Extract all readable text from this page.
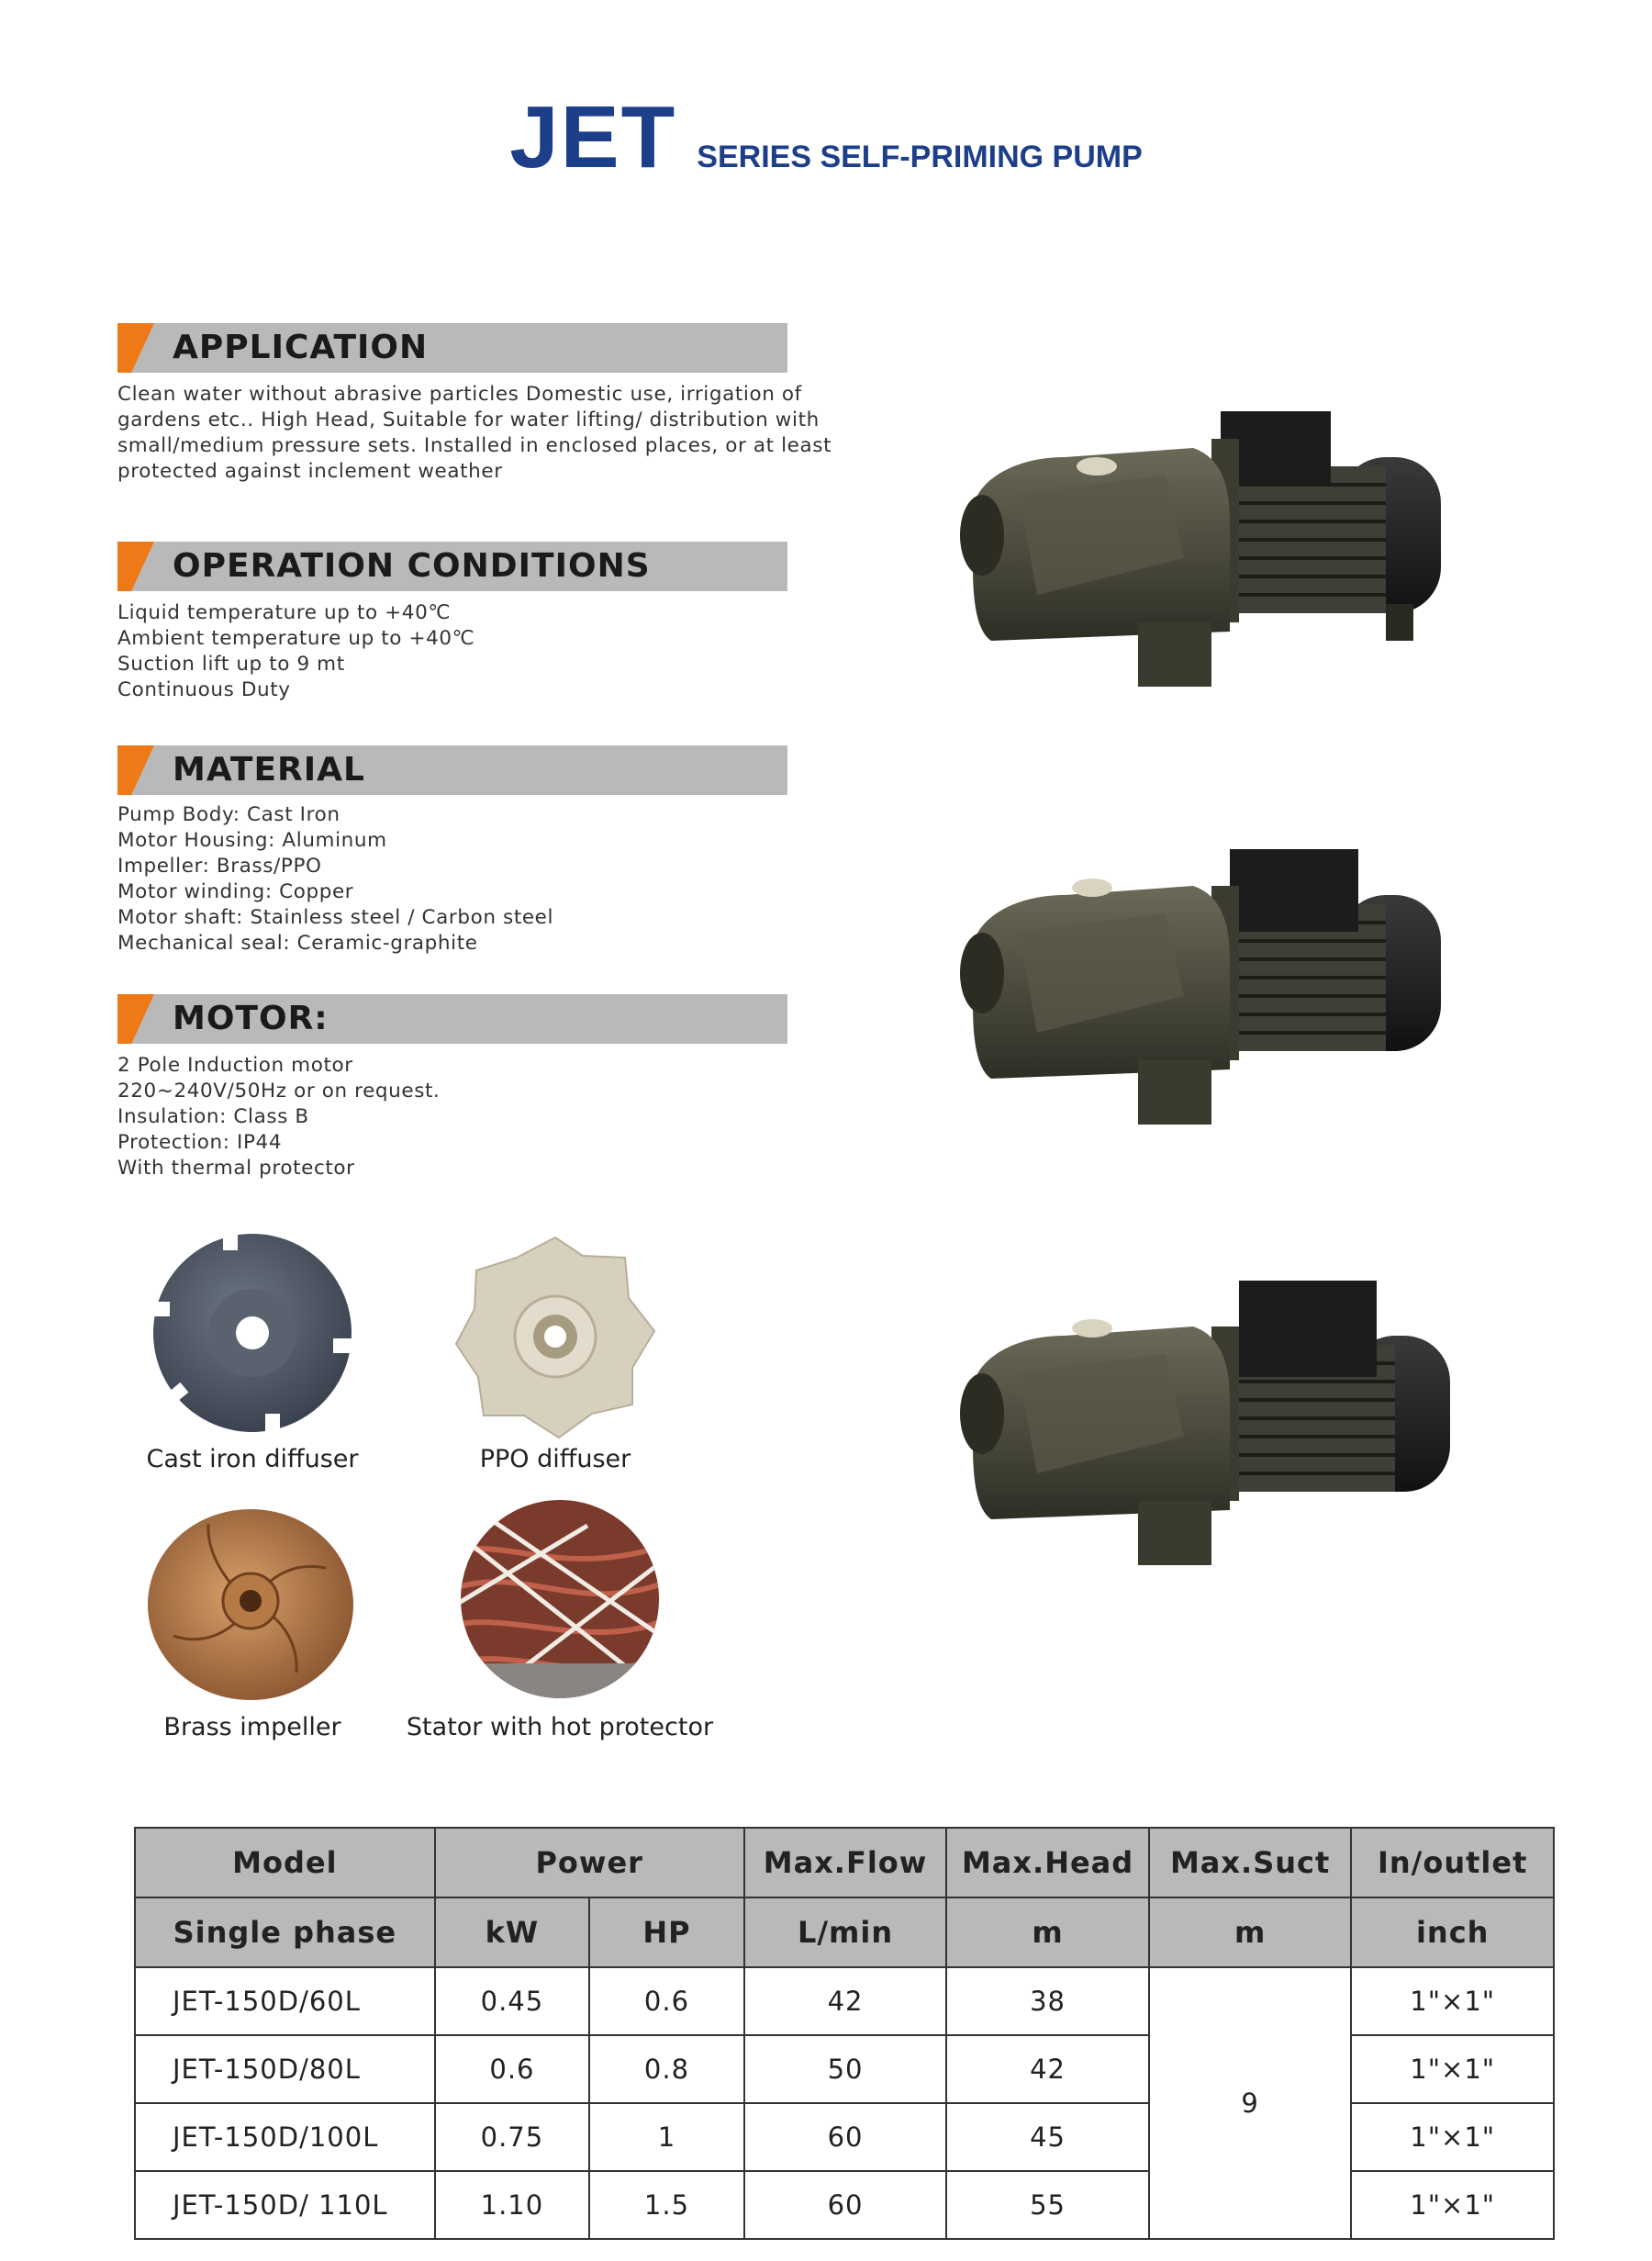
JET SERIES SELF-PRIMING PUMP
APPLICATION
Clean water without abrasive particles Domestic use, irrigation of
gardens etc.. High Head, Suitable for water lifting/ distribution with
small/medium pressure sets. Installed in enclosed places, or at least
protected against inclement weather
OPERATION CONDITIONS
Liquid temperature up to +40℃
Ambient temperature up to +40℃
Suction lift up to 9 mt
Continuous Duty
MATERIAL
Pump Body: Cast Iron
Motor Housing: Aluminum
Impeller: Brass/PPO
Motor winding: Copper
Motor shaft: Stainless steel / Carbon steel
Mechanical seal: Ceramic-graphite
MOTOR:
2 Pole Induction motor
220~240V/50Hz or on request.
Insulation: Class B
Protection: IP44
With thermal protector
Cast iron diffuser	PPO diffuser
Brass impeller	Stator with hot protector
Model	Power		Max.Flow	Max.Head	Max.Suct	In/outlet
Single phase	kW	HP	L/min	m	m	inch
JET-150D/60L	0.45	0.6	42	38	9	1"×1"
JET-150D/80L	0.6	0.8	50	42		1"×1"
JET-150D/100L	0.75	1	60	45		1"×1"
JET-150D/ 110L	1.10	1.5	60	55		1"×1"
